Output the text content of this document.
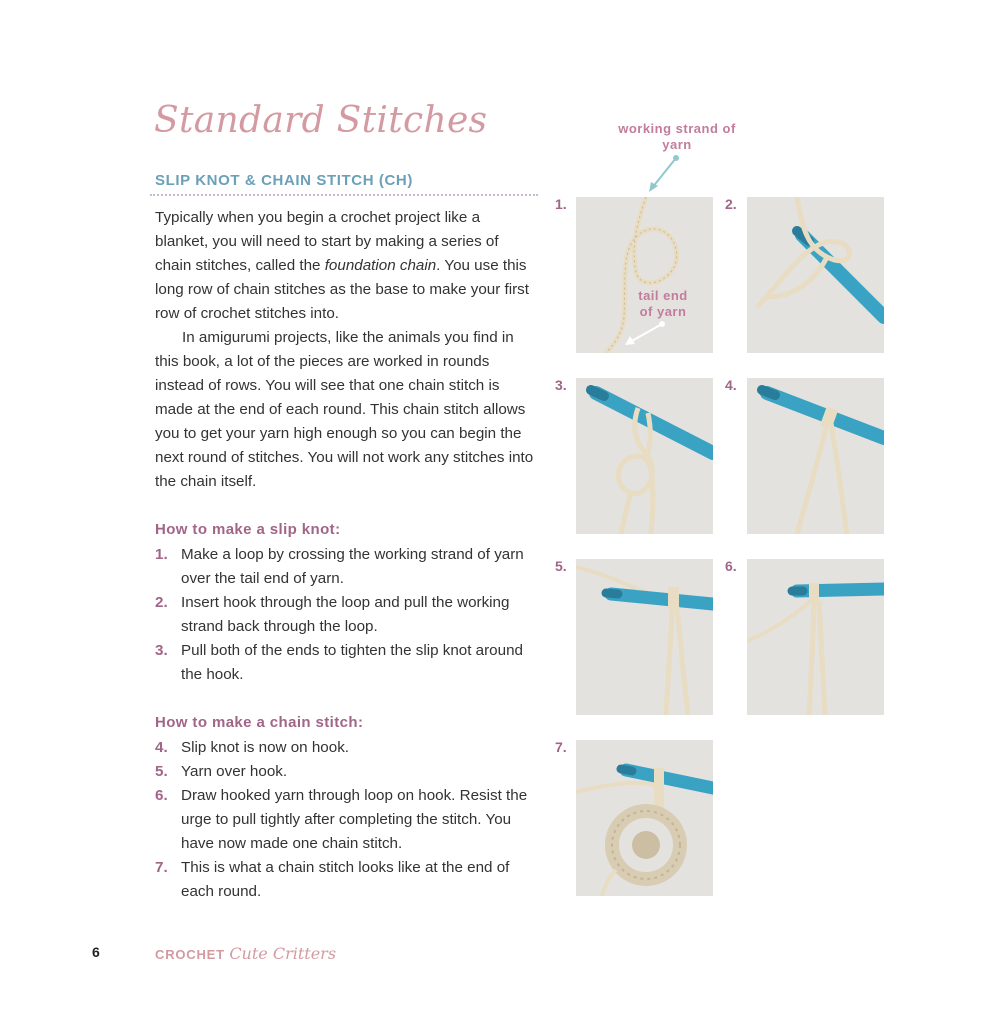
Standard Stitches
SLIP KNOT & CHAIN STITCH (CH)

Typically when you begin a crochet project like a blanket, you will need to start by making a series of chain stitches, called the foundation chain. You use this long row of chain stitches as the base to make your first row of crochet stitches into.

In amigurumi projects, like the animals you find in this book, a lot of the pieces are worked in rounds instead of rows. You will see that one chain stitch is made at the end of each round. This chain stitch allows you to get your yarn high enough so you can begin the next round of stitches. You will not work any stitches into the chain itself.

How to make a slip knot:
1. Make a loop by crossing the working strand of yarn over the tail end of yarn.
2. Insert hook through the loop and pull the working strand back through the loop.
3. Pull both of the ends to tighten the slip knot around the hook.
How to make a chain stitch:
4. Slip knot is now on hook.
5. Yarn over hook.
6. Draw hooked yarn through loop on hook. Resist the urge to pull tightly after completing the stitch. You have now made one chain stitch.
7. This is what a chain stitch looks like at the end of each round.
working strand of yarn
1.	2.
3.	4.
5.	6.
7.
tail end of yarn
6	CROCHET Cute Critters
